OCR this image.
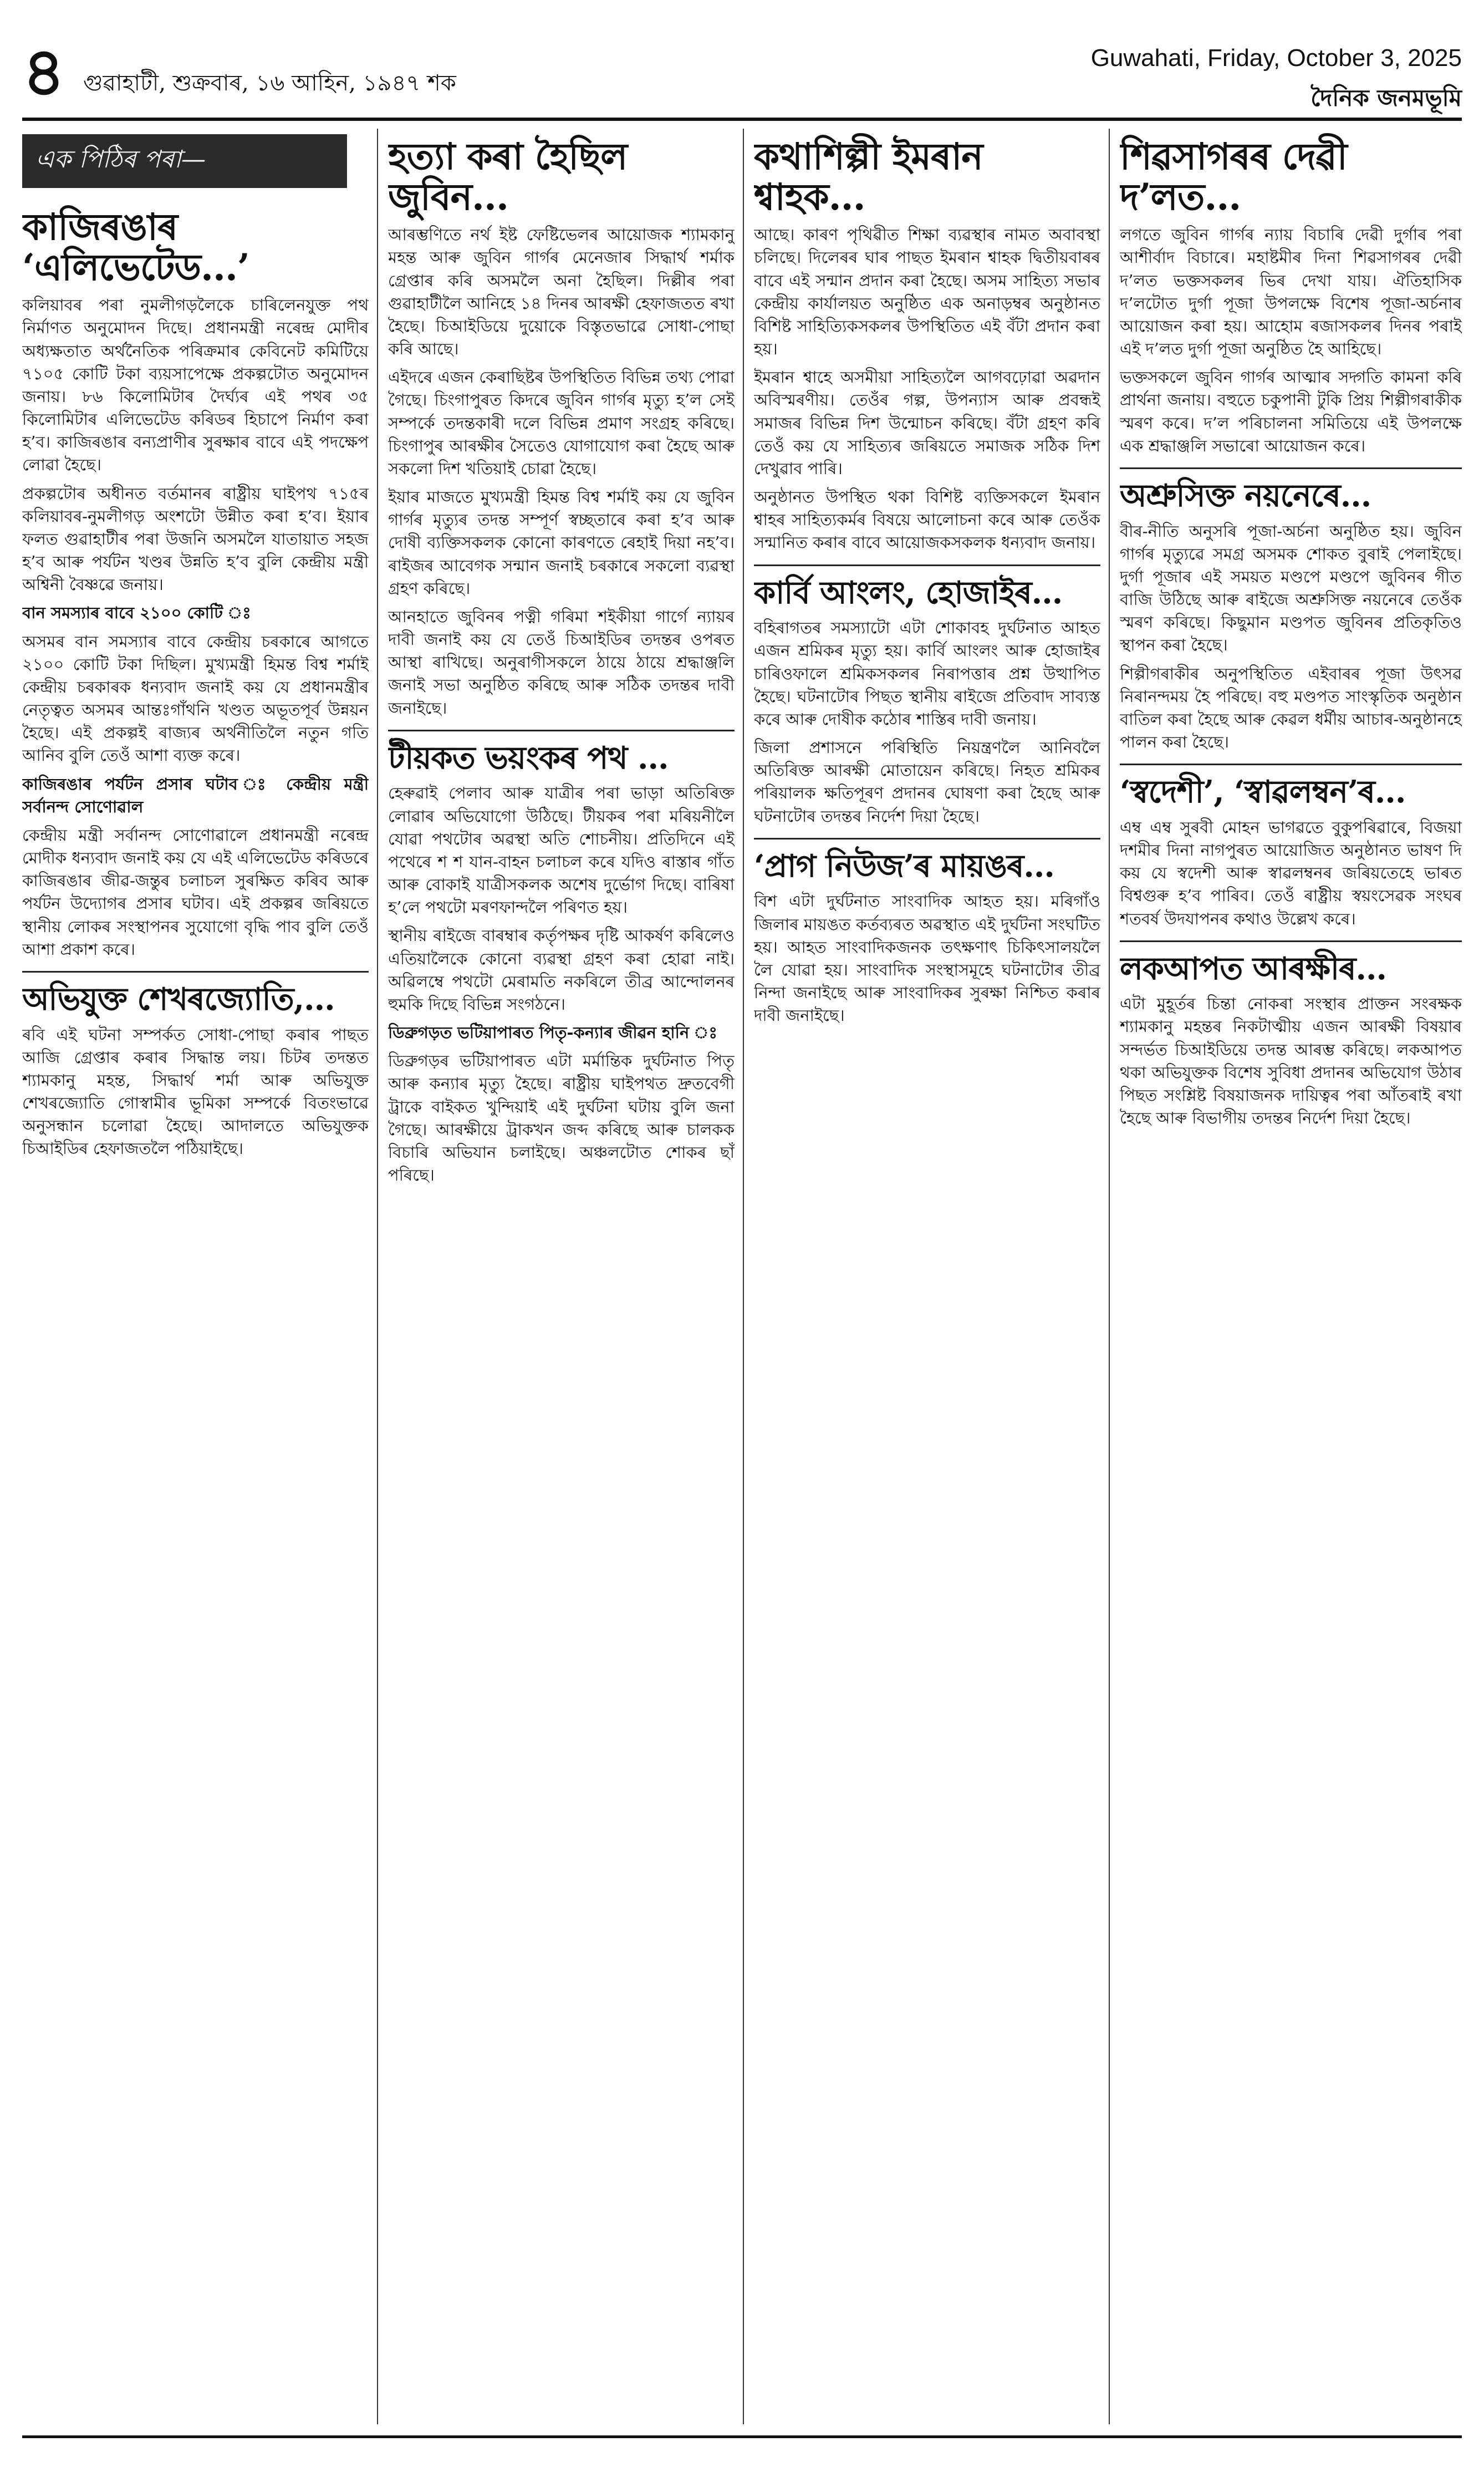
৪ গুৱাহাটী, শুক্ৰবাৰ, ১৬ আহিন, ১৯৪৭ শক
Guwahati, Friday, October 3, 2025
দৈনিক জনমভূমি
এক পিঠিৰ পৰা—
কাজিৰঙাৰ ‘এলিভেটেড...’

কলিয়াবৰ পৰা নুমলীগড়লৈকে চাৰিলেনযুক্ত পথ নিৰ্মাণত অনুমোদন দিছে। প্ৰধানমন্ত্ৰী নৰেন্দ্ৰ মোদীৰ অধ্যক্ষতাত অৰ্থনৈতিক পৰিক্ৰমাৰ কেবিনেট কমিটিয়ে ৭১০৫ কোটি টকা ব্যয়সাপেক্ষে প্ৰকল্পটোত অনুমোদন জনায়। ৮৬ কিলোমিটাৰ দৈৰ্ঘ্যৰ এই পথৰ ৩৫ কিলোমিটাৰ এলিভেটেড কৰিডৰ হিচাপে নিৰ্মাণ কৰা হ’ব। কাজিৰঙাৰ বন্যপ্ৰাণীৰ সুৰক্ষাৰ বাবে এই পদক্ষেপ লোৱা হৈছে।

প্ৰকল্পটোৰ অধীনত বৰ্তমানৰ ৰাষ্ট্ৰীয় ঘাইপথ ৭১৫ৰ কলিয়াবৰ-নুমলীগড় অংশটো উন্নীত কৰা হ’ব। ইয়াৰ ফলত গুৱাহাটীৰ পৰা উজনি অসমলৈ যাতায়াত সহজ হ’ব আৰু পৰ্যটন খণ্ডৰ উন্নতি হ’ব বুলি কেন্দ্ৰীয় মন্ত্ৰী অশ্বিনী বৈষ্ণৱে জনায়।

বান সমস্যাৰ বাবে ২১০০ কোটি ঃ

অসমৰ বান সমস্যাৰ বাবে কেন্দ্ৰীয় চৰকাৰে আগতে ২১০০ কোটি টকা দিছিল। মুখ্যমন্ত্ৰী হিমন্ত বিশ্ব শৰ্মাই কেন্দ্ৰীয় চৰকাৰক ধন্যবাদ জনাই কয় যে প্ৰধানমন্ত্ৰীৰ নেতৃত্বত অসমৰ আন্তঃগাঁথনি খণ্ডত অভূতপূৰ্ব উন্নয়ন হৈছে। এই প্ৰকল্পই ৰাজ্যৰ অৰ্থনীতিলৈ নতুন গতি আনিব বুলি তেওঁ আশা ব্যক্ত কৰে।

কাজিৰঙাৰ পৰ্যটন প্ৰসাৰ ঘটাব ঃ কেন্দ্ৰীয় মন্ত্ৰী সৰ্বানন্দ সোণোৱাল

কেন্দ্ৰীয় মন্ত্ৰী সৰ্বানন্দ সোণোৱালে প্ৰধানমন্ত্ৰী নৰেন্দ্ৰ মোদীক ধন্যবাদ জনাই কয় যে এই এলিভেটেড কৰিডৰে কাজিৰঙাৰ জীৱ-জন্তুৰ চলাচল সুৰক্ষিত কৰিব আৰু পৰ্যটন উদ্যোগৰ প্ৰসাৰ ঘটাব। এই প্ৰকল্পৰ জৰিয়তে স্থানীয় লোকৰ সংস্থাপনৰ সুযোগো বৃদ্ধি পাব বুলি তেওঁ আশা প্ৰকাশ কৰে।

অভিযুক্ত শেখৰজ্যোতি,...

ৰবি এই ঘটনা সম্পৰ্কত সোধা-পোছা কৰাৰ পাছত আজি গ্ৰেপ্তাৰ কৰাৰ সিদ্ধান্ত লয়। চিটৰ তদন্তত শ্যামকানু মহন্ত, সিদ্ধাৰ্থ শৰ্মা আৰু অভিযুক্ত শেখৰজ্যোতি গোস্বামীৰ ভূমিকা সম্পৰ্কে বিতংভাৱে অনুসন্ধান চলোৱা হৈছে। আদালতে অভিযুক্তক চিআইডিৰ হেফাজতলৈ পঠিয়াইছে।

হত্যা কৰা হৈছিল জুবিন...

আৰম্ভণিতে নৰ্থ ইষ্ট ফেষ্টিভেলৰ আয়োজক শ্যামকানু মহন্ত আৰু জুবিন গাৰ্গৰ মেনেজাৰ সিদ্ধাৰ্থ শৰ্মাক গ্ৰেপ্তাৰ কৰি অসমলৈ অনা হৈছিল। দিল্লীৰ পৰা গুৱাহাটীলৈ আনিহে ১৪ দিনৰ আৰক্ষী হেফাজতত ৰখা হৈছে। চিআইডিয়ে দুয়োকে বিস্তৃতভাৱে সোধা-পোছা কৰি আছে।

এইদৰে এজন কেৰাছিষ্টৰ উপস্থিতিত বিভিন্ন তথ্য পোৱা গৈছে। চিংগাপুৰত কিদৰে জুবিন গাৰ্গৰ মৃত্যু হ’ল সেই সম্পৰ্কে তদন্তকাৰী দলে বিভিন্ন প্ৰমাণ সংগ্ৰহ কৰিছে। চিংগাপুৰ আৰক্ষীৰ সৈতেও যোগাযোগ কৰা হৈছে আৰু সকলো দিশ খতিয়াই চোৱা হৈছে।

ইয়াৰ মাজতে মুখ্যমন্ত্ৰী হিমন্ত বিশ্ব শৰ্মাই কয় যে জুবিন গাৰ্গৰ মৃত্যুৰ তদন্ত সম্পূৰ্ণ স্বচ্ছতাৰে কৰা হ’ব আৰু দোষী ব্যক্তিসকলক কোনো কাৰণতে ৰেহাই দিয়া নহ’ব। ৰাইজৰ আবেগক সন্মান জনাই চৰকাৰে সকলো ব্যৱস্থা গ্ৰহণ কৰিছে।

আনহাতে জুবিনৰ পত্নী গৰিমা শইকীয়া গাৰ্গে ন্যায়ৰ দাবী জনাই কয় যে তেওঁ চিআইডিৰ তদন্তৰ ওপৰত আস্থা ৰাখিছে। অনুৰাগীসকলে ঠায়ে ঠায়ে শ্ৰদ্ধাঞ্জলি জনাই সভা অনুষ্ঠিত কৰিছে আৰু সঠিক তদন্তৰ দাবী জনাইছে।

টীয়কত ভয়ংকৰ পথ ...

হেৰুৱাই পেলাব আৰু যাত্ৰীৰ পৰা ভাড়া অতিৰিক্ত লোৱাৰ অভিযোগো উঠিছে। টীয়কৰ পৰা মৰিয়নীলৈ যোৱা পথটোৰ অৱস্থা অতি শোচনীয়। প্ৰতিদিনে এই পথেৰে শ শ যান-বাহন চলাচল কৰে যদিও ৰাস্তাৰ গাঁত আৰু বোকাই যাত্ৰীসকলক অশেষ দুৰ্ভোগ দিছে। বাৰিষা হ’লে পথটো মৰণফান্দলৈ পৰিণত হয়।

স্থানীয় ৰাইজে বাৰম্বাৰ কৰ্তৃপক্ষৰ দৃষ্টি আকৰ্ষণ কৰিলেও এতিয়ালৈকে কোনো ব্যৱস্থা গ্ৰহণ কৰা হোৱা নাই। অৱিলম্বে পথটো মেৰামতি নকৰিলে তীব্ৰ আন্দোলনৰ হুমকি দিছে বিভিন্ন সংগঠনে।

ডিব্ৰুগড়ত ভটিয়াপাৰত পিতৃ-কন্যাৰ জীৱন হানি ঃ

ডিব্ৰুগড়ৰ ভটিয়াপাৰত এটা মৰ্মান্তিক দুৰ্ঘটনাত পিতৃ আৰু কন্যাৰ মৃত্যু হৈছে। ৰাষ্ট্ৰীয় ঘাইপথত দ্ৰুতবেগী ট্ৰাকে বাইকত খুন্দিয়াই এই দুৰ্ঘটনা ঘটায় বুলি জনা গৈছে। আৰক্ষীয়ে ট্ৰাকখন জব্দ কৰিছে আৰু চালকক বিচাৰি অভিযান চলাইছে। অঞ্চলটোত শোকৰ ছাঁ পৰিছে।

কথাশিল্পী ইমৰান শ্বাহক...

আছে। কাৰণ পৃথিৱীত শিক্ষা ব্যৱস্থাৰ নামত অবাবস্থা চলিছে। দিলেৰৰ ঘাৰ পাছত ইমৰান শ্বাহক দ্বিতীয়বাৰৰ বাবে এই সন্মান প্ৰদান কৰা হৈছে। অসম সাহিত্য সভাৰ কেন্দ্ৰীয় কাৰ্যালয়ত অনুষ্ঠিত এক অনাড়ম্বৰ অনুষ্ঠানত বিশিষ্ট সাহিত্যিকসকলৰ উপস্থিতিত এই বঁটা প্ৰদান কৰা হয়।

ইমৰান শ্বাহে অসমীয়া সাহিত্যলৈ আগবঢ়োৱা অৱদান অবিস্মৰণীয়। তেওঁৰ গল্প, উপন্যাস আৰু প্ৰবন্ধই সমাজৰ বিভিন্ন দিশ উন্মোচন কৰিছে। বঁটা গ্ৰহণ কৰি তেওঁ কয় যে সাহিত্যৰ জৰিয়তে সমাজক সঠিক দিশ দেখুৱাব পাৰি।

অনুষ্ঠানত উপস্থিত থকা বিশিষ্ট ব্যক্তিসকলে ইমৰান শ্বাহৰ সাহিত্যকৰ্মৰ বিষয়ে আলোচনা কৰে আৰু তেওঁক সন্মানিত কৰাৰ বাবে আয়োজকসকলক ধন্যবাদ জনায়।

কাৰ্বি আংলং, হোজাইৰ...

বহিৰাগতৰ সমস্যাটো এটা শোকাবহ দুৰ্ঘটনাত আহত এজন শ্ৰমিকৰ মৃত্যু হয়। কাৰ্বি আংলং আৰু হোজাইৰ চাৰিওফালে শ্ৰমিকসকলৰ নিৰাপত্তাৰ প্ৰশ্ন উত্থাপিত হৈছে। ঘটনাটোৰ পিছত স্থানীয় ৰাইজে প্ৰতিবাদ সাব্যস্ত কৰে আৰু দোষীক কঠোৰ শাস্তিৰ দাবী জনায়।

জিলা প্ৰশাসনে পৰিস্থিতি নিয়ন্ত্ৰণলৈ আনিবলৈ অতিৰিক্ত আৰক্ষী মোতায়েন কৰিছে। নিহত শ্ৰমিকৰ পৰিয়ালক ক্ষতিপূৰণ প্ৰদানৰ ঘোষণা কৰা হৈছে আৰু ঘটনাটোৰ তদন্তৰ নিৰ্দেশ দিয়া হৈছে।

‘প্ৰাগ নিউজ’ৰ মায়ঙৰ...

বিশ এটা দুৰ্ঘটনাত সাংবাদিক আহত হয়। মৰিগাঁও জিলাৰ মায়ঙত কৰ্তব্যৰত অৱস্থাত এই দুৰ্ঘটনা সংঘটিত হয়। আহত সাংবাদিকজনক তৎক্ষণাৎ চিকিৎসালয়লৈ লৈ যোৱা হয়। সাংবাদিক সংস্থাসমূহে ঘটনাটোৰ তীব্ৰ নিন্দা জনাইছে আৰু সাংবাদিকৰ সুৰক্ষা নিশ্চিত কৰাৰ দাবী জনাইছে।

শিৱসাগৰৰ দেৱী দ’লত...

লগতে জুবিন গাৰ্গৰ ন্যায় বিচাৰি দেৱী দুৰ্গাৰ পৰা আশীৰ্বাদ বিচাৰে। মহাষ্টমীৰ দিনা শিৱসাগৰৰ দেৱী দ’লত ভক্তসকলৰ ভিৰ দেখা যায়। ঐতিহাসিক দ’লটোত দুৰ্গা পূজা উপলক্ষে বিশেষ পূজা-অৰ্চনাৰ আয়োজন কৰা হয়। আহোম ৰজাসকলৰ দিনৰ পৰাই এই দ’লত দুৰ্গা পূজা অনুষ্ঠিত হৈ আহিছে।

ভক্তসকলে জুবিন গাৰ্গৰ আত্মাৰ সদ্গতি কামনা কৰি প্ৰাৰ্থনা জনায়। বহুতে চকুপানী টুকি প্ৰিয় শিল্পীগৰাকীক স্মৰণ কৰে। দ’ল পৰিচালনা সমিতিয়ে এই উপলক্ষে এক শ্ৰদ্ধাঞ্জলি সভাৰো আয়োজন কৰে।

অশ্ৰুসিক্ত নয়নেৰে...

বীৰ-নীতি অনুসৰি পূজা-অৰ্চনা অনুষ্ঠিত হয়। জুবিন গাৰ্গৰ মৃত্যুৱে সমগ্ৰ অসমক শোকত বুৰাই পেলাইছে। দুৰ্গা পূজাৰ এই সময়ত মণ্ডপে মণ্ডপে জুবিনৰ গীত বাজি উঠিছে আৰু ৰাইজে অশ্ৰুসিক্ত নয়নেৰে তেওঁক স্মৰণ কৰিছে। কিছুমান মণ্ডপত জুবিনৰ প্ৰতিকৃতিও স্থাপন কৰা হৈছে।

শিল্পীগৰাকীৰ অনুপস্থিতিত এইবাৰৰ পূজা উৎসৱ নিৰানন্দময় হৈ পৰিছে। বহু মণ্ডপত সাংস্কৃতিক অনুষ্ঠান বাতিল কৰা হৈছে আৰু কেৱল ধৰ্মীয় আচাৰ-অনুষ্ঠানহে পালন কৰা হৈছে।

‘স্বদেশী’, ‘স্বাৱলম্বন’ৰ...

এম্ব এম্ব সুৰবী মোহন ভাগৱতে বুকুপৰিৱাৰে, বিজয়া দশমীৰ দিনা নাগপুৰত আয়োজিত অনুষ্ঠানত ভাষণ দি কয় যে স্বদেশী আৰু স্বাৱলম্বনৰ জৰিয়তেহে ভাৰত বিশ্বগুৰু হ’ব পাৰিব। তেওঁ ৰাষ্ট্ৰীয় স্বয়ংসেৱক সংঘৰ শতবৰ্ষ উদযাপনৰ কথাও উল্লেখ কৰে।

লকআপত আৰক্ষীৰ...

এটা মুহূৰ্তৰ চিন্তা নোকৰা সংস্থাৰ প্ৰাক্তন সংৰক্ষক শ্যামকানু মহন্তৰ নিকটাত্মীয় এজন আৰক্ষী বিষয়াৰ সন্দৰ্ভত চিআইডিয়ে তদন্ত আৰম্ভ কৰিছে। লকআপত থকা অভিযুক্তক বিশেষ সুবিধা প্ৰদানৰ অভিযোগ উঠাৰ পিছত সংশ্লিষ্ট বিষয়াজনক দায়িত্বৰ পৰা আঁতৰাই ৰখা হৈছে আৰু বিভাগীয় তদন্তৰ নিৰ্দেশ দিয়া হৈছে।
